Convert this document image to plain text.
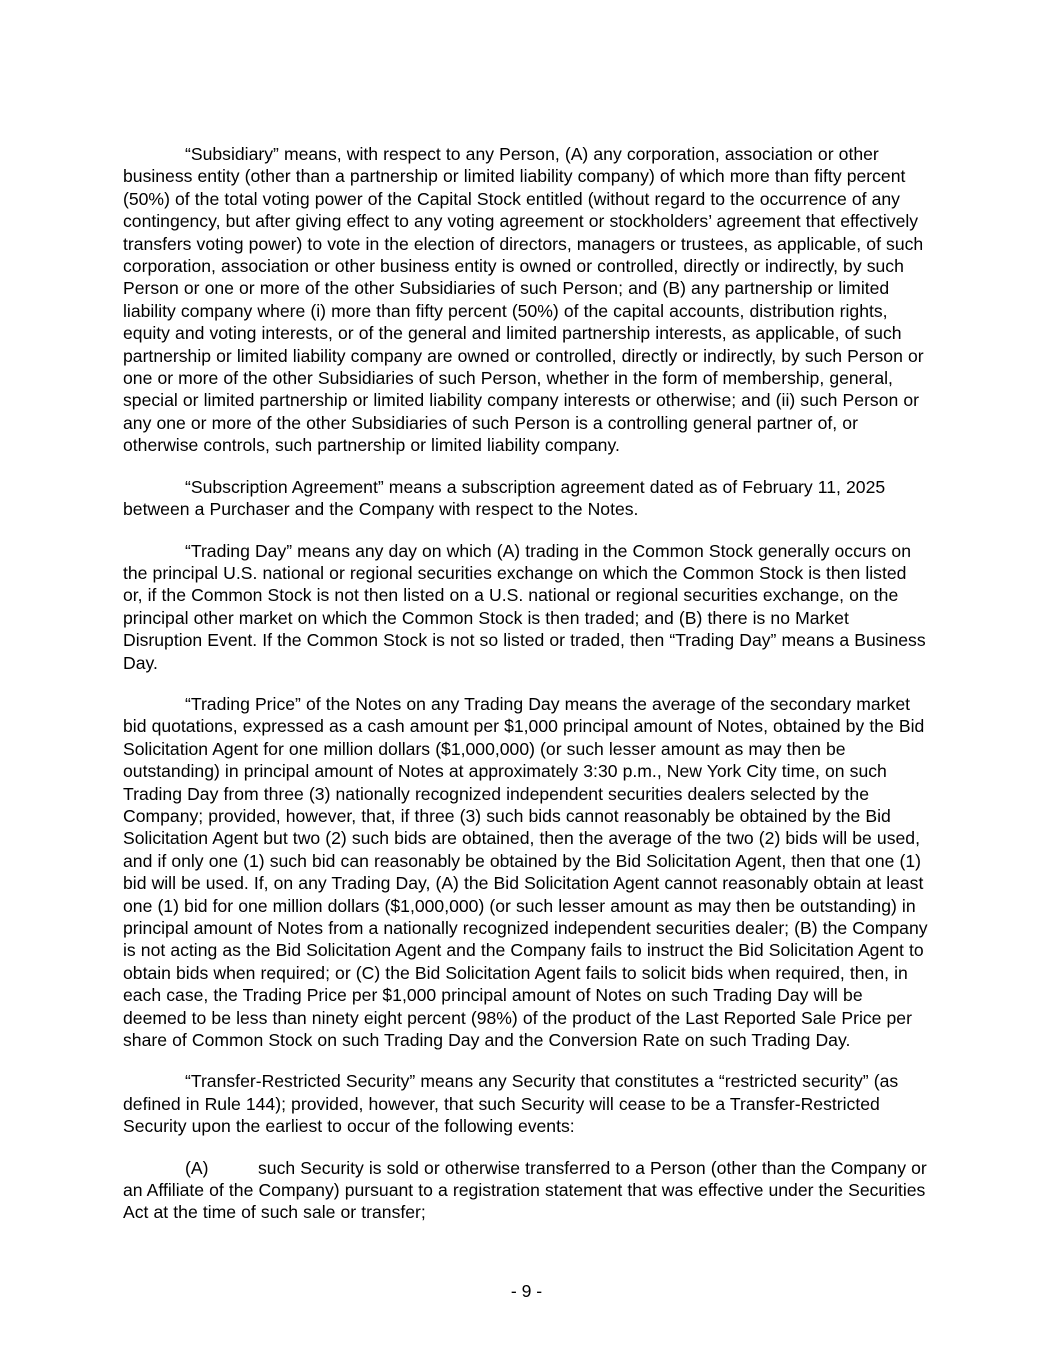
“Subsidiary” means, with respect to any Person, (A) any corporation, association or other business entity (other than a partnership or limited liability company) of which more than fifty percent (50%) of the total voting power of the Capital Stock entitled (without regard to the occurrence of any contingency, but after giving effect to any voting agreement or stockholders’ agreement that effectively transfers voting power) to vote in the election of directors, managers or trustees, as applicable, of such corporation, association or other business entity is owned or controlled, directly or indirectly, by such Person or one or more of the other Subsidiaries of such Person; and (B) any partnership or limited liability company where (i) more than fifty percent (50%) of the capital accounts, distribution rights, equity and voting interests, or of the general and limited partnership interests, as applicable, of such partnership or limited liability company are owned or controlled, directly or indirectly, by such Person or one or more of the other Subsidiaries of such Person, whether in the form of membership, general, special or limited partnership or limited liability company interests or otherwise; and (ii) such Person or any one or more of the other Subsidiaries of such Person is a controlling general partner of, or otherwise controls, such partnership or limited liability company.

“Subscription Agreement” means a subscription agreement dated as of February 11, 2025 between a Purchaser and the Company with respect to the Notes.

“Trading Day” means any day on which (A) trading in the Common Stock generally occurs on the principal U.S. national or regional securities exchange on which the Common Stock is then listed or, if the Common Stock is not then listed on a U.S. national or regional securities exchange, on the principal other market on which the Common Stock is then traded; and (B) there is no Market Disruption Event. If the Common Stock is not so listed or traded, then “Trading Day” means a Business Day.

“Trading Price” of the Notes on any Trading Day means the average of the secondary market bid quotations, expressed as a cash amount per $1,000 principal amount of Notes, obtained by the Bid Solicitation Agent for one million dollars ($1,000,000) (or such lesser amount as may then be outstanding) in principal amount of Notes at approximately 3:30 p.m., New York City time, on such Trading Day from three (3) nationally recognized independent securities dealers selected by the Company; provided, however, that, if three (3) such bids cannot reasonably be obtained by the Bid Solicitation Agent but two (2) such bids are obtained, then the average of the two (2) bids will be used, and if only one (1) such bid can reasonably be obtained by the Bid Solicitation Agent, then that one (1) bid will be used. If, on any Trading Day, (A) the Bid Solicitation Agent cannot reasonably obtain at least one (1) bid for one million dollars ($1,000,000) (or such lesser amount as may then be outstanding) in principal amount of Notes from a nationally recognized independent securities dealer; (B) the Company is not acting as the Bid Solicitation Agent and the Company fails to instruct the Bid Solicitation Agent to obtain bids when required; or (C) the Bid Solicitation Agent fails to solicit bids when required, then, in each case, the Trading Price per $1,000 principal amount of Notes on such Trading Day will be deemed to be less than ninety eight percent (98%) of the product of the Last Reported Sale Price per share of Common Stock on such Trading Day and the Conversion Rate on such Trading Day.

“Transfer-Restricted Security” means any Security that constitutes a “restricted security” (as defined in Rule 144); provided, however, that such Security will cease to be a Transfer-Restricted Security upon the earliest to occur of the following events:

(A)	such Security is sold or otherwise transferred to a Person (other than the Company or an Affiliate of the Company) pursuant to a registration statement that was effective under the Securities Act at the time of such sale or transfer;

- 9 -
